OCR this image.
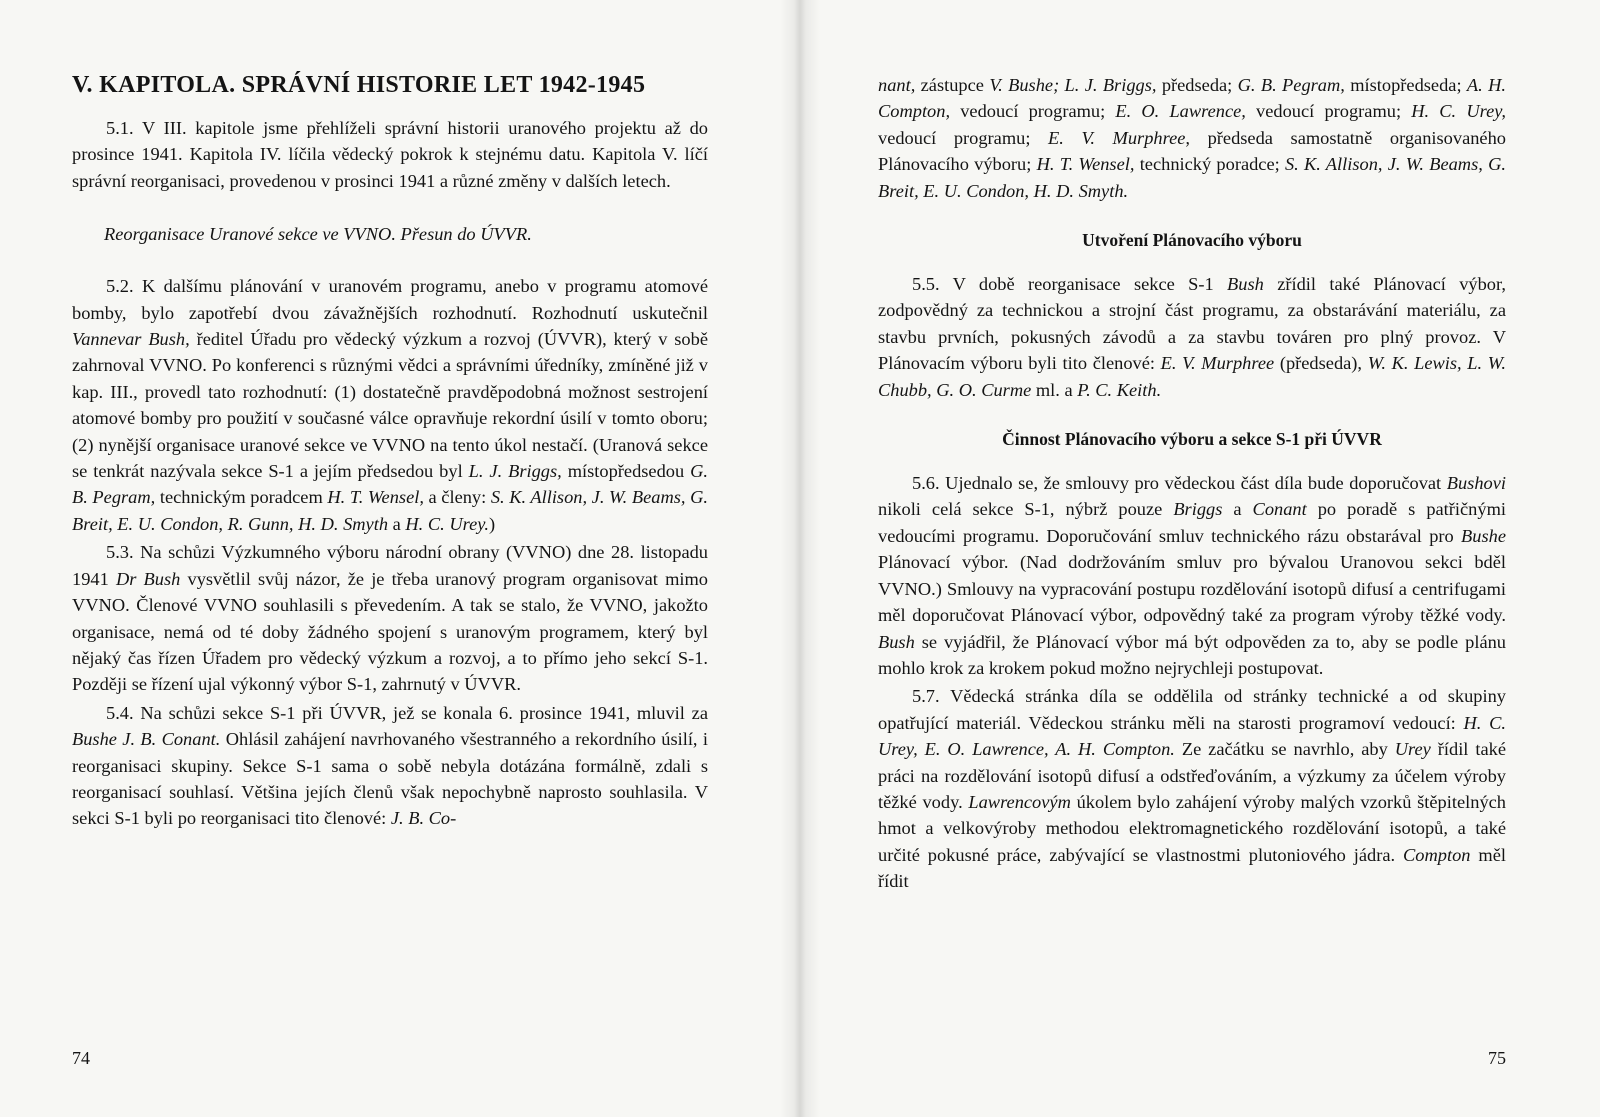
V. KAPITOLA. SPRÁVNÍ HISTORIE LET 1942-1945

5.1. V III. kapitole jsme přehlíželi správní historii uranového projektu až do prosince 1941. Kapitola IV. líčila vědecký pokrok k stejnému datu. Kapitola V. líčí správní reorganisaci, provedenou v prosinci 1941 a různé změny v dalších letech.

Reorganisace Uranové sekce ve VVNO. Přesun do ÚVVR.

5.2. K dalšímu plánování v uranovém programu, anebo v programu atomové bomby, bylo zapotřebí dvou závažnějších rozhodnutí. Rozhodnutí uskutečnil Vannevar Bush, ředitel Úřadu pro vědecký výzkum a rozvoj (ÚVVR), který v sobě zahrnoval VVNO. Po konferenci s různými vědci a správními úředníky, zmíněné již v kap. III., provedl tato rozhodnutí: (1) dostatečně pravděpodobná možnost sestrojení atomové bomby pro použití v současné válce opravňuje rekordní úsilí v tomto oboru; (2) nynější organisace uranové sekce ve VVNO na tento úkol nestačí. (Uranová sekce se tenkrát nazývala sekce S-1 a jejím předsedou byl L. J. Briggs, místopředsedou G. B. Pegram, technickým poradcem H. T. Wensel, a členy: S. K. Allison, J. W. Beams, G. Breit, E. U. Condon, R. Gunn, H. D. Smyth a H. C. Urey.)

5.3. Na schůzi Výzkumného výboru národní obrany (VVNO) dne 28. listopadu 1941 Dr Bush vysvětlil svůj názor, že je třeba uranový program organisovat mimo VVNO. Členové VVNO souhlasili s převedením. A tak se stalo, že VVNO, jakožto organisace, nemá od té doby žádného spojení s uranovým programem, který byl nějaký čas řízen Úřadem pro vědecký výzkum a rozvoj, a to přímo jeho sekcí S-1. Později se řízení ujal výkonný výbor S-1, zahrnutý v ÚVVR.

5.4. Na schůzi sekce S-1 při ÚVVR, jež se konala 6. prosince 1941, mluvil za Bushe J. B. Conant. Ohlásil zahájení navrhovaného všestranného a rekordního úsilí, i reorganisaci skupiny. Sekce S-1 sama o sobě nebyla dotázána formálně, zdali s reorganisací souhlasí. Většina jejích členů však nepochybně naprosto souhlasila. V sekci S-1 byli po reorganisaci tito členové: J. B. Co-

74

nant, zástupce V. Bushe; L. J. Briggs, předseda; G. B. Pegram, místopředseda; A. H. Compton, vedoucí programu; E. O. Lawrence, vedoucí programu; H. C. Urey, vedoucí programu; E. V. Murphree, předseda samostatně organisovaného Plánovacího výboru; H. T. Wensel, technický poradce; S. K. Allison, J. W. Beams, G. Breit, E. U. Condon, H. D. Smyth.

Utvoření Plánovacího výboru

5.5. V době reorganisace sekce S-1 Bush zřídil také Plánovací výbor, zodpovědný za technickou a strojní část programu, za obstarávání materiálu, za stavbu prvních, pokusných závodů a za stavbu továren pro plný provoz. V Plánovacím výboru byli tito členové: E. V. Murphree (předseda), W. K. Lewis, L. W. Chubb, G. O. Curme ml. a P. C. Keith.

Činnost Plánovacího výboru a sekce S-1 při ÚVVR

5.6. Ujednalo se, že smlouvy pro vědeckou část díla bude doporučovat Bushovi nikoli celá sekce S-1, nýbrž pouze Briggs a Conant po poradě s patřičnými vedoucími programu. Doporučování smluv technického rázu obstarával pro Bushe Plánovací výbor. (Nad dodržováním smluv pro bývalou Uranovou sekci bděl VVNO.) Smlouvy na vypracování postupu rozdělování isotopů difusí a centrifugami měl doporučovat Plánovací výbor, odpovědný také za program výroby těžké vody. Bush se vyjádřil, že Plánovací výbor má být odpověden za to, aby se podle plánu mohlo krok za krokem pokud možno nejrychleji postupovat.

5.7. Vědecká stránka díla se oddělila od stránky technické a od skupiny opatřující materiál. Vědeckou stránku měli na starosti programoví vedoucí: H. C. Urey, E. O. Lawrence, A. H. Compton. Ze začátku se navrhlo, aby Urey řídil také práci na rozdělování isotopů difusí a odstřeďováním, a výzkumy za účelem výroby těžké vody. Lawrencovým úkolem bylo zahájení výroby malých vzorků štěpitelných hmot a velkovýroby methodou elektromagnetického rozdělování isotopů, a také určité pokusné práce, zabývající se vlastnostmi plutoniového jádra. Compton měl řídit

75
